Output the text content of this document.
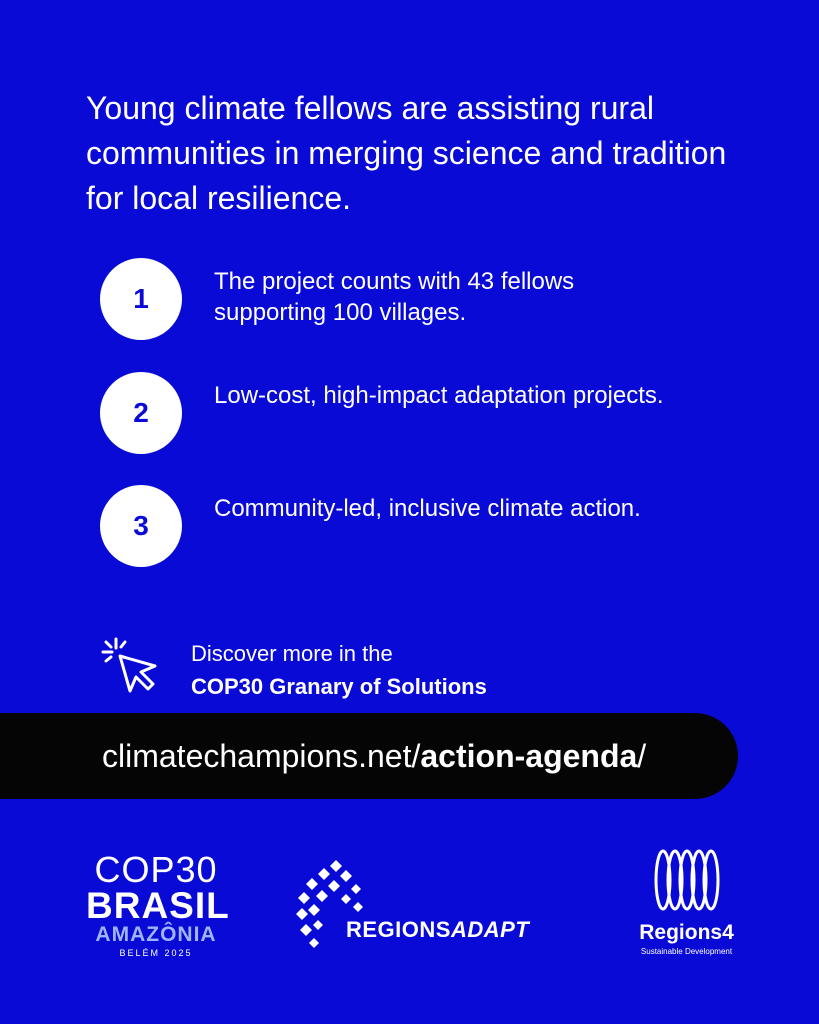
Young climate fellows are assisting rural communities in merging science and tradition for local resilience.
1
The project counts with 43 fellows supporting 100 villages.
2
Low-cost, high-impact adaptation projects.
3
Community-led, inclusive climate action.
Discover more in the
COP30 Granary of Solutions
climatechampions.net/action-agenda/
COP30
BRASIL
AMAZÔNIA
BELÉM 2025
REGIONSADAPT	Regions4
Sustainable Development
